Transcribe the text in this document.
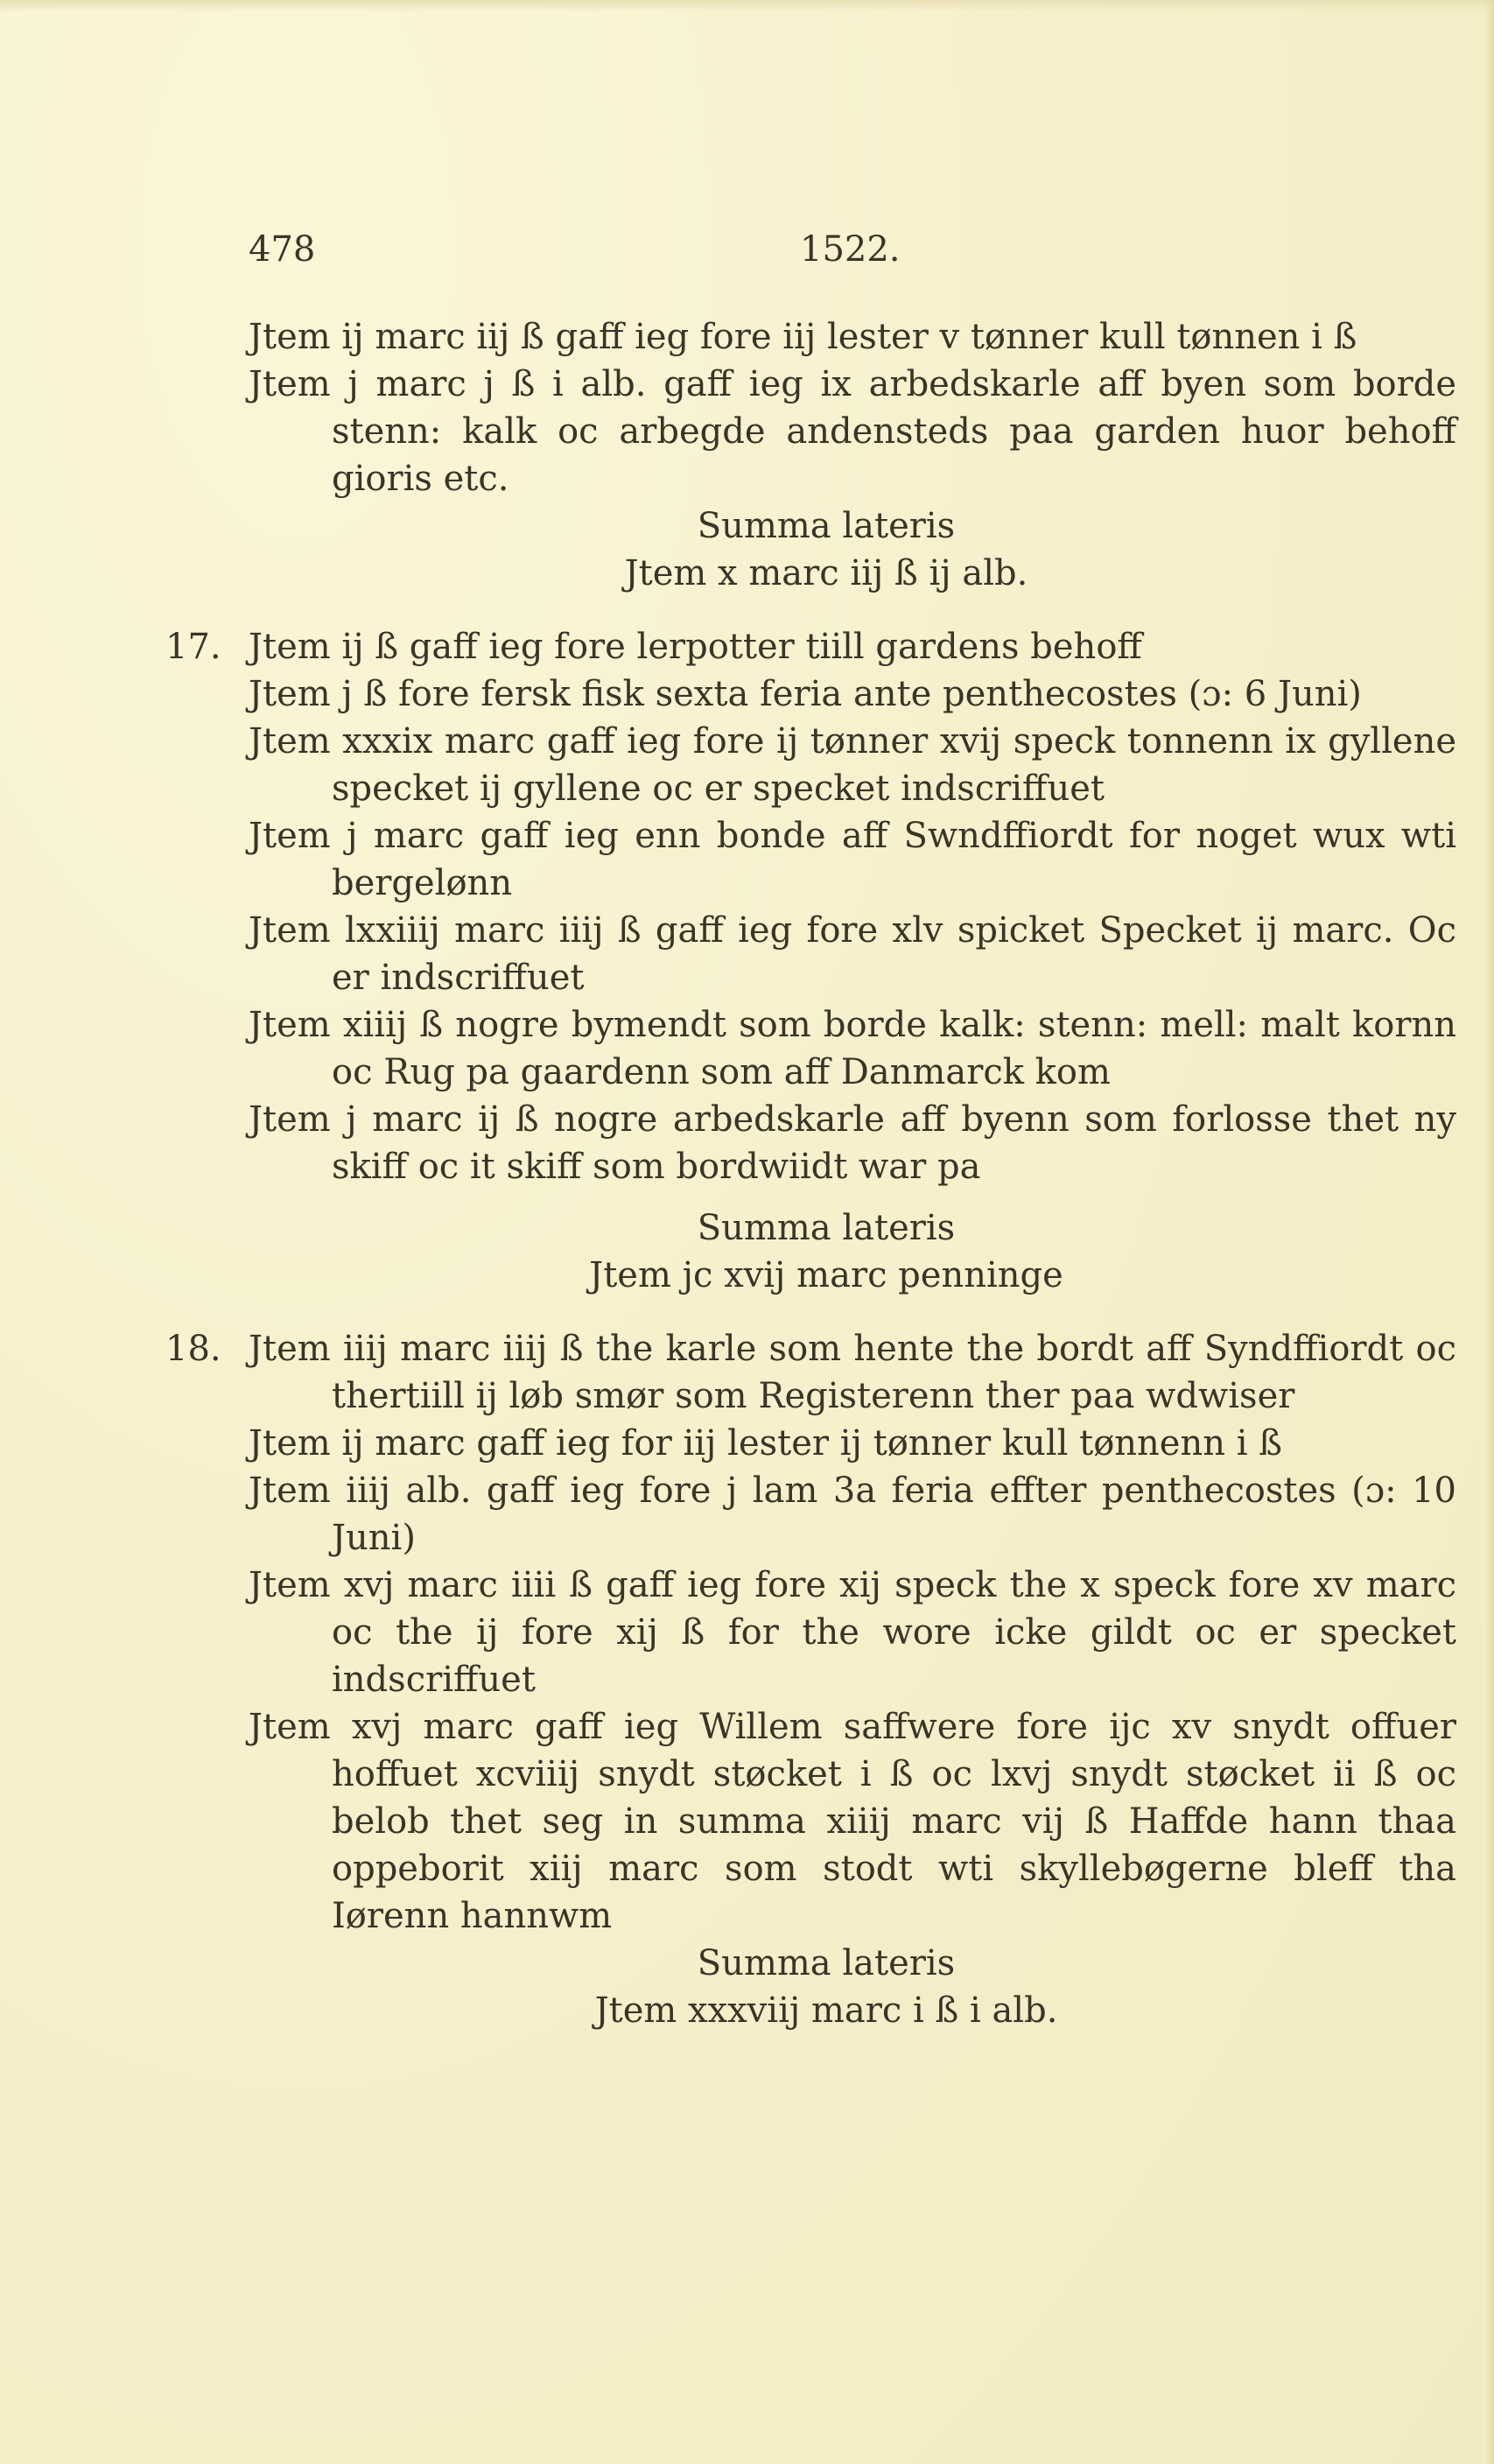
478	1522.

Jtem ij marc iij ß gaff ieg fore iij lester v tønner kull tønnen i ß

Jtem j marc j ß i alb. gaff ieg ix arbedskarle aff byen som borde stenn: kalk oc arbegde andensteds paa garden huor behoff gioris etc.

Summa lateris

Jtem x marc iij ß ij alb.

17. Jtem ij ß gaff ieg fore lerpotter tiill gardens behoff

Jtem j ß fore fersk fisk sexta feria ante penthecostes (ɔ: 6 Juni)

Jtem xxxix marc gaff ieg fore ij tønner xvij speck tonnenn ix gyllene specket ij gyllene oc er specket indscriffuet

Jtem j marc gaff ieg enn bonde aff Swndffiordt for noget wux wti bergelønn

Jtem lxxiiij marc iiij ß gaff ieg fore xlv spicket Specket ij marc. Oc er indscriffuet

Jtem xiiij ß nogre bymendt som borde kalk: stenn: mell: malt kornn oc Rug pa gaardenn som aff Danmarck kom

Jtem j marc ij ß nogre arbedskarle aff byenn som forlosse thet ny skiff oc it skiff som bordwiidt war pa

Summa lateris

Jtem jc xvij marc penninge

18. Jtem iiij marc iiij ß the karle som hente the bordt aff Syndffiordt oc thertiill ij løb smør som Registerenn ther paa wdwiser

Jtem ij marc gaff ieg for iij lester ij tønner kull tønnenn i ß

Jtem iiij alb. gaff ieg fore j lam 3a feria effter penthecostes (ɔ: 10 Juni)

Jtem xvj marc iiii ß gaff ieg fore xij speck the x speck fore xv marc oc the ij fore xij ß for the wore icke gildt oc er specket indscriffuet

Jtem xvj marc gaff ieg Willem saffwere fore ijc xv snydt offuer hoffuet xcviiij snydt støcket i ß oc lxvj snydt støcket ii ß oc belob thet seg in summa xiiij marc vij ß Haffde hann thaa oppeborit xiij marc som stodt wti skyllebøgerne bleff tha Iørenn hannwm

Summa lateris

Jtem xxxviij marc i ß i alb.
